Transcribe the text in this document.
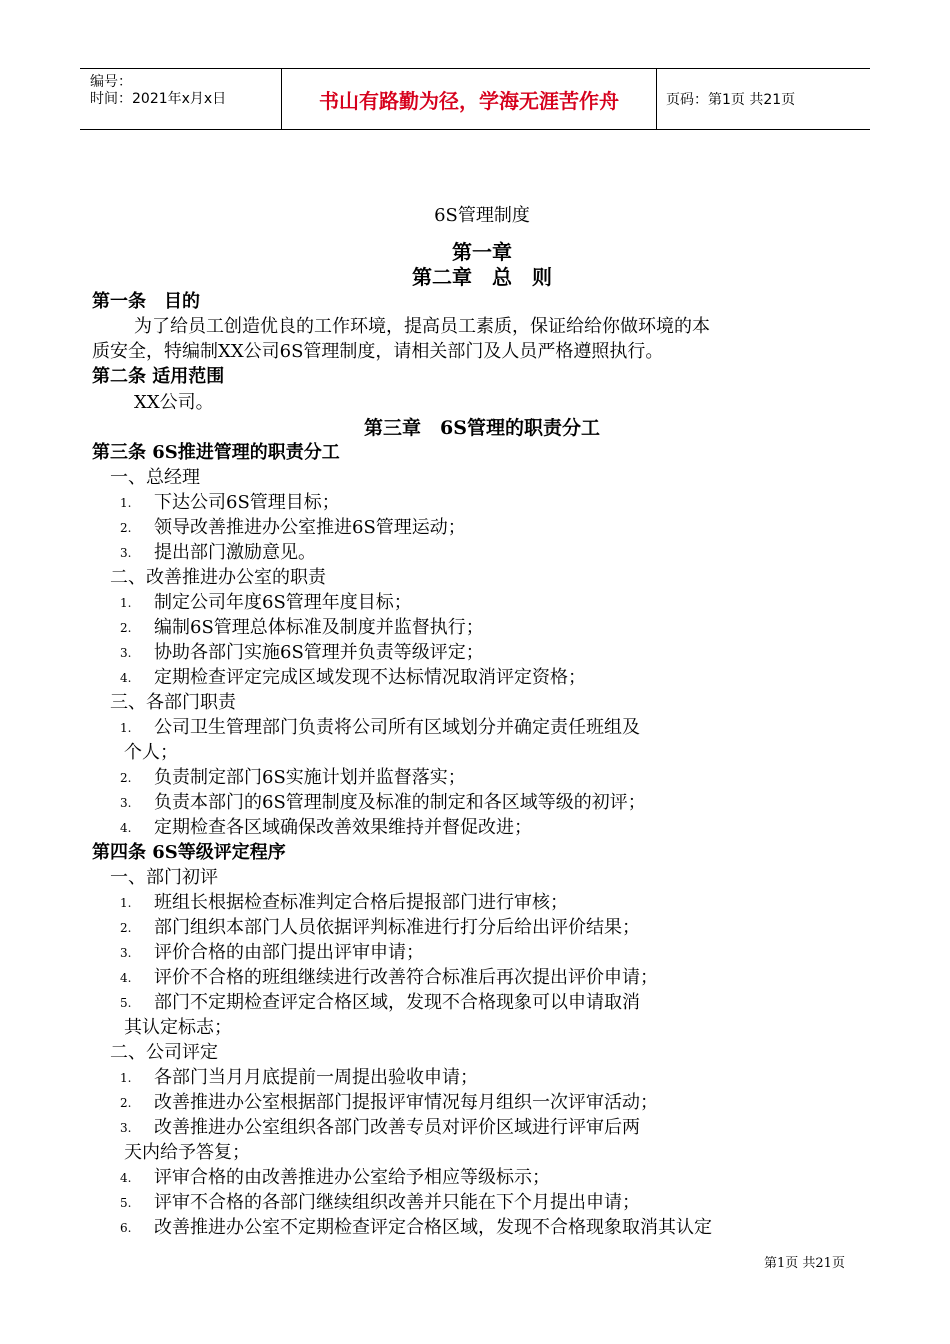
编号：
时间：2021年x月x日	书山有路勤为径，学海无涯苦作舟	页码：第1页 共21页
6S管理制度
第一章
第二章　总　则
第一条　目的
为了给员工创造优良的工作环境，提高员工素质，保证给给你做环境的本
质安全，特编制XX公司6S管理制度，请相关部门及人员严格遵照执行。
第二条 适用范围
XX公司。
第三章　6S管理的职责分工
第三条 6S推进管理的职责分工
一、总经理
1. 下达公司6S管理目标；
2. 领导改善推进办公室推进6S管理运动；
3. 提出部门激励意见。
二、改善推进办公室的职责
1. 制定公司年度6S管理年度目标；
2. 编制6S管理总体标准及制度并监督执行；
3. 协助各部门实施6S管理并负责等级评定；
4. 定期检查评定完成区域发现不达标情况取消评定资格；
三、各部门职责
1. 公司卫生管理部门负责将公司所有区域划分并确定责任班组及
个人；
2. 负责制定部门6S实施计划并监督落实；
3. 负责本部门的6S管理制度及标准的制定和各区域等级的初评；
4. 定期检查各区域确保改善效果维持并督促改进；
第四条 6S等级评定程序
一、部门初评
1. 班组长根据检查标准判定合格后提报部门进行审核；
2. 部门组织本部门人员依据评判标准进行打分后给出评价结果；
3. 评价合格的由部门提出评审申请；
4. 评价不合格的班组继续进行改善符合标准后再次提出评价申请；
5. 部门不定期检查评定合格区域，发现不合格现象可以申请取消
其认定标志；
二、公司评定
1. 各部门当月月底提前一周提出验收申请；
2. 改善推进办公室根据部门提报评审情况每月组织一次评审活动；
3. 改善推进办公室组织各部门改善专员对评价区域进行评审后两
天内给予答复；
4. 评审合格的由改善推进办公室给予相应等级标示；
5. 评审不合格的各部门继续组织改善并只能在下个月提出申请；
6. 改善推进办公室不定期检查评定合格区域，发现不合格现象取消其认定
第1页 共21页
